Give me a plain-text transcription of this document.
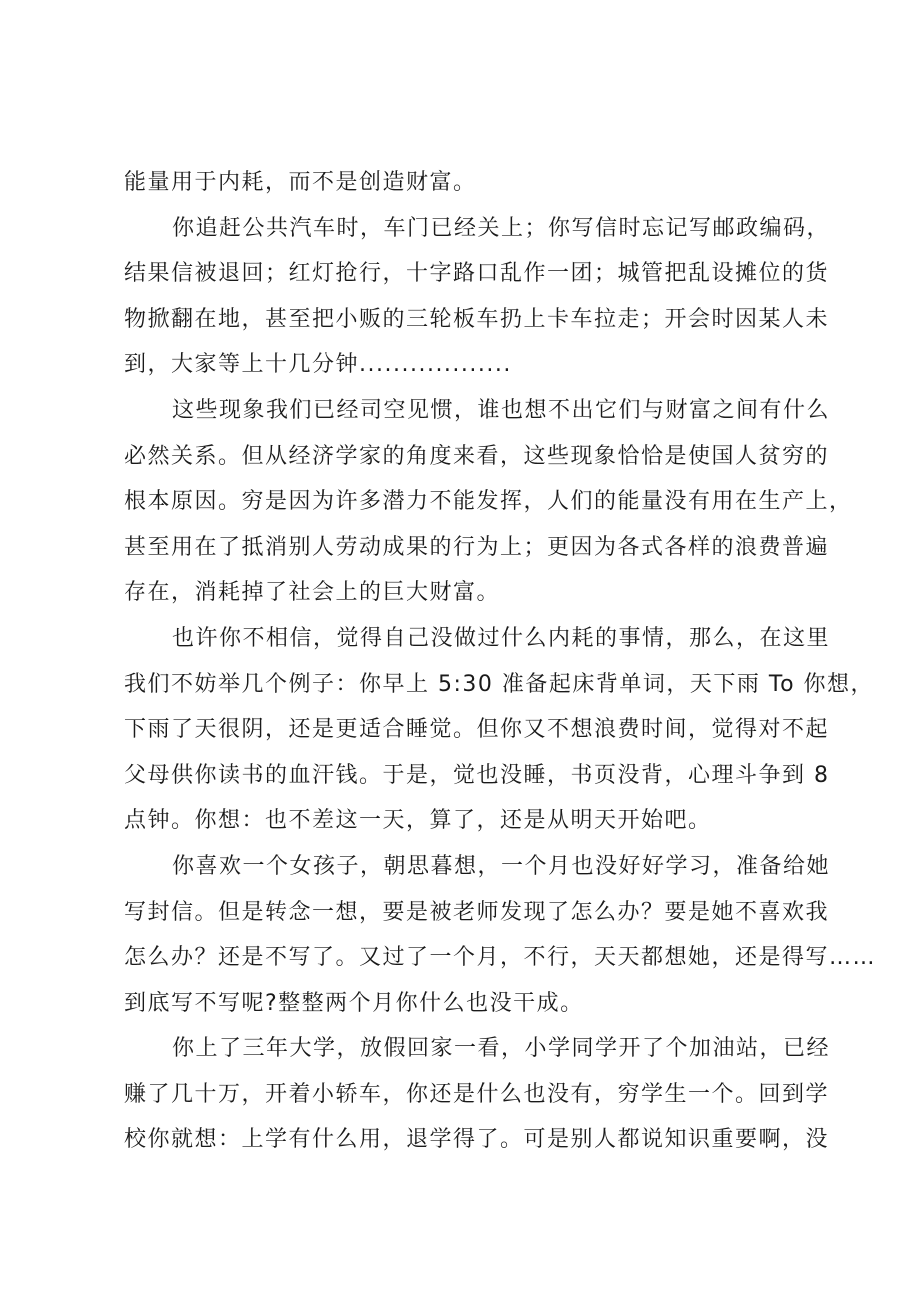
能量用于内耗，而不是创造财富。
你追赶公共汽车时，车门已经关上；你写信时忘记写邮政编码，
结果信被退回；红灯抢行，十字路口乱作一团；城管把乱设摊位的货
物掀翻在地，甚至把小贩的三轮板车扔上卡车拉走；开会时因某人未
到，大家等上十几分钟..................
这些现象我们已经司空见惯，谁也想不出它们与财富之间有什么
必然关系。但从经济学家的角度来看，这些现象恰恰是使国人贫穷的
根本原因。穷是因为许多潜力不能发挥，人们的能量没有用在生产上，
甚至用在了抵消别人劳动成果的行为上；更因为各式各样的浪费普遍
存在，消耗掉了社会上的巨大财富。
也许你不相信，觉得自己没做过什么内耗的事情，那么，在这里
我们不妨举几个例子：你早上 5:30 准备起床背单词，天下雨 To 你想，
下雨了天很阴，还是更适合睡觉。但你又不想浪费时间，觉得对不起
父母供你读书的血汗钱。于是，觉也没睡，书页没背，心理斗争到 8
点钟。你想：也不差这一天，算了，还是从明天开始吧。
你喜欢一个女孩子，朝思暮想，一个月也没好好学习，准备给她
写封信。但是转念一想，要是被老师发现了怎么办？要是她不喜欢我
怎么办？还是不写了。又过了一个月，不行，天天都想她，还是得写……
到底写不写呢?整整两个月你什么也没干成。
你上了三年大学，放假回家一看，小学同学开了个加油站，已经
赚了几十万，开着小轿车，你还是什么也没有，穷学生一个。回到学
校你就想：上学有什么用，退学得了。可是别人都说知识重要啊，没
